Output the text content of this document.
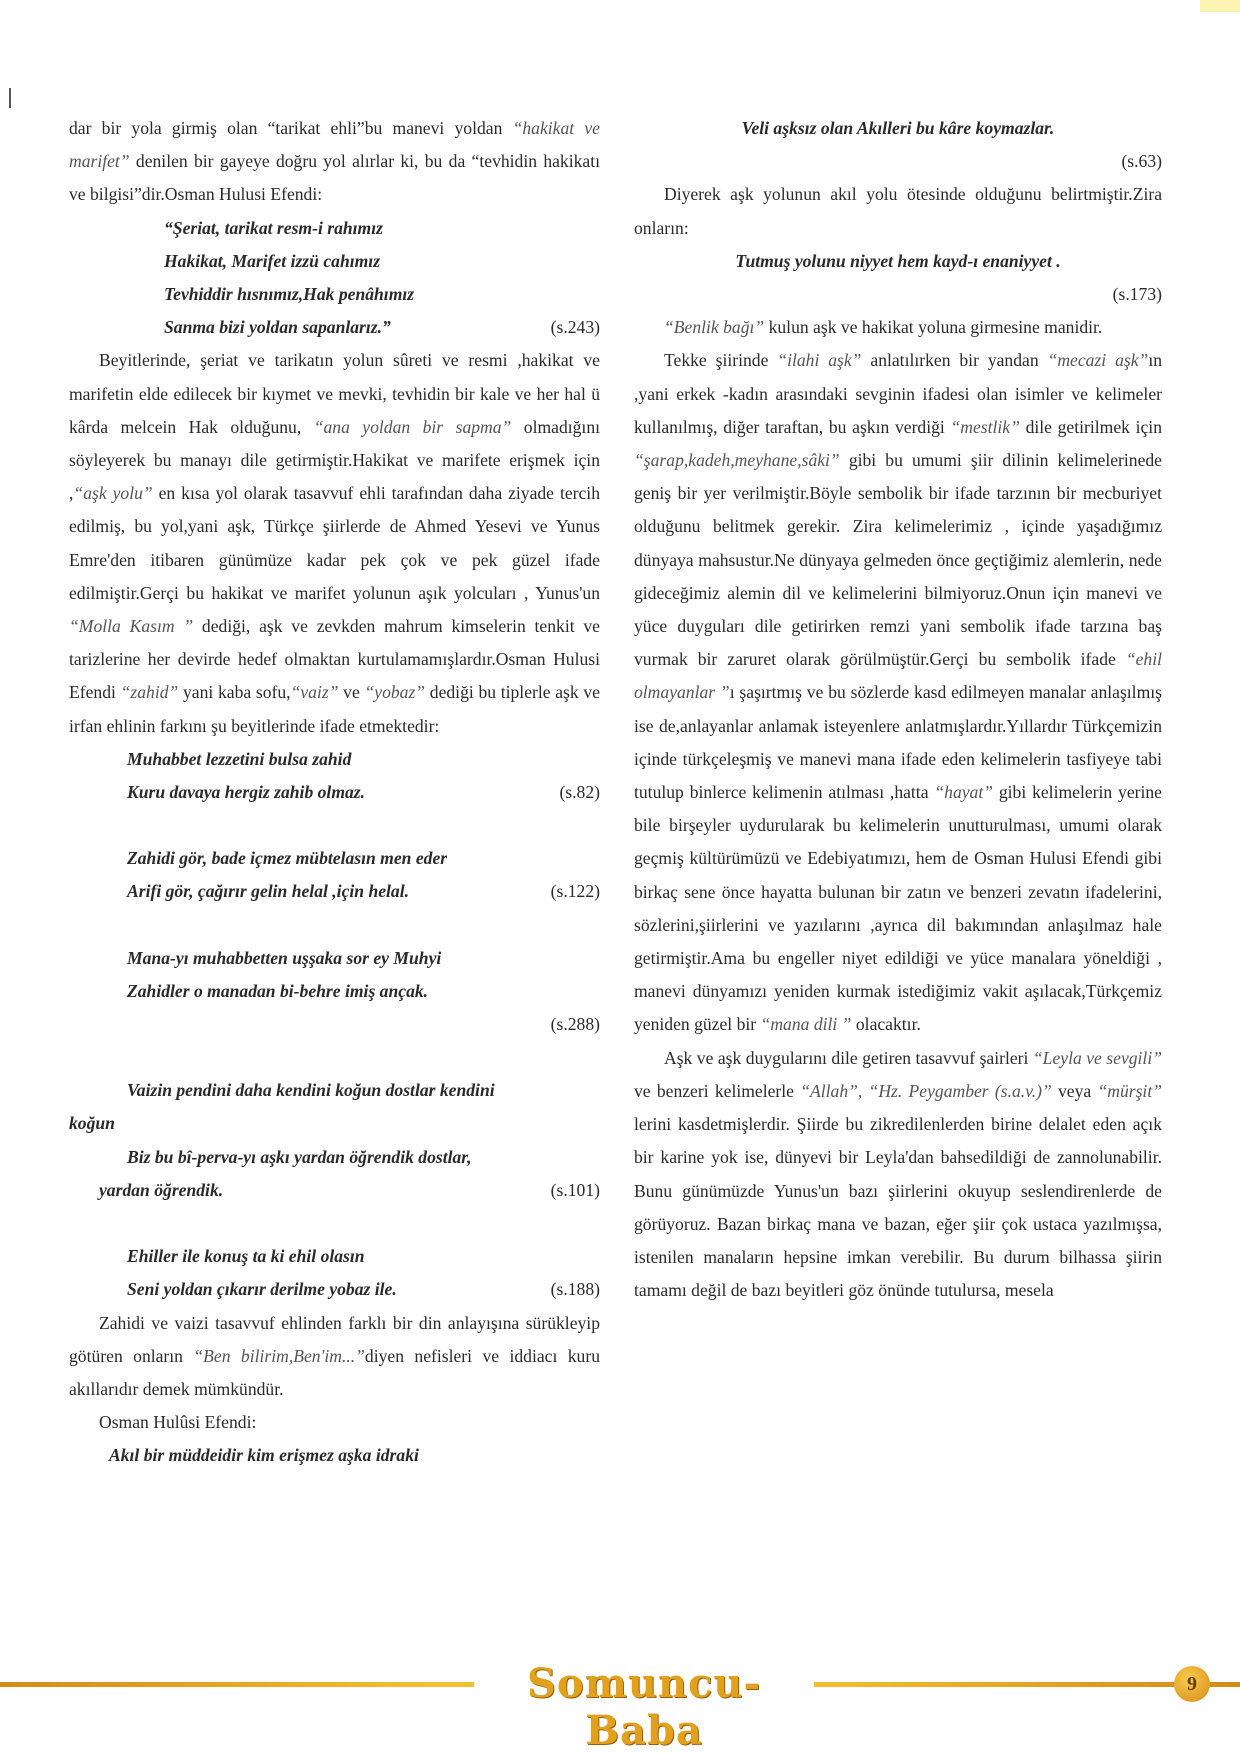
dar bir yola girmiş olan “tarikat ehli”bu manevi yoldan “hakikat ve marifet” denilen bir gayeye doğru yol alırlar ki, bu da “tevhidin hakikatı ve bilgisi”dir.Osman Hulusi Efendi:

“Şeriat, tarikat resm-i rahımız
Hakikat, Marifet izzü cahımız
Tevhiddir hısnımız,Hak penâhımız
Sanma bizi yoldan sapanlarız.”	(s.243)

Beyitlerinde, şeriat ve tarikatın yolun sûreti ve resmi ,hakikat ve marifetin elde edilecek bir kıymet ve mevki, tevhidin bir kale ve her hal ü kârda melcein Hak olduğunu, “ana yoldan bir sapma” olmadığını söyleyerek bu manayı dile getirmiştir.Hakikat ve marifete erişmek için ,“aşk yolu” en kısa yol olarak tasavvuf ehli tarafından daha ziyade tercih edilmiş, bu yol,yani aşk, Türkçe şiirlerde de Ahmed Yesevi ve Yunus Emre'den itibaren günümüze kadar pek çok ve pek güzel ifade edilmiştir.Gerçi bu hakikat ve marifet yolunun aşık yolcuları , Yunus'un “Molla Kasım ” dediği, aşk ve zevkden mahrum kimselerin tenkit ve tarizlerine her devirde hedef olmaktan kurtulamamışlardır.Osman Hulusi Efendi “zahid” yani kaba sofu,“vaiz” ve “yobaz” dediği bu tiplerle aşk ve irfan ehlinin farkını şu beyitlerinde ifade etmektedir:

Muhabbet lezzetini bulsa zahid
Kuru davaya hergiz zahib olmaz.	(s.82)
Zahidi gör, bade içmez mübtelasın men eder
Arifi gör, çağırır gelin helal ,için helal.	(s.122)
Mana-yı muhabbetten uşşaka sor ey Muhyi
Zahidler o manadan bi-behre imiş ançak.
(s.288)
Vaizin pendini daha kendini koğun dostlar kendini
koğun
Biz bu bî-perva-yı aşkı yardan öğrendik dostlar,
yardan öğrendik.	(s.101)
Ehiller ile konuş ta ki ehil olasın
Seni yoldan çıkarır derilme yobaz ile.	(s.188)

Zahidi ve vaizi tasavvuf ehlinden farklı bir din anlayışına sürükleyip götüren onların “Ben bilirim,Ben'im...”diyen nefisleri ve iddiacı kuru akıllarıdır demek mümkündür.

Osman Hulûsi Efendi:

Akıl bir müddeidir kim erişmez aşka idraki
Veli aşksız olan Akılleri bu kâre koymazlar.
(s.63)

Diyerek aşk yolunun akıl yolu ötesinde olduğunu belirtmiştir.Zira onların:

Tutmuş yolunu niyyet hem kayd-ı enaniyyet .
(s.173)

“Benlik bağı” kulun aşk ve hakikat yoluna girmesine manidir.

Tekke şiirinde “ilahi aşk” anlatılırken bir yandan “mecazi aşk”ın ,yani erkek -kadın arasındaki sevginin ifadesi olan isimler ve kelimeler kullanılmış, diğer taraftan, bu aşkın verdiği “mestlik” dile getirilmek için “şarap,kadeh,meyhane,sâki” gibi bu umumi şiir dilinin kelimelerinede geniş bir yer verilmiştir.Böyle sembolik bir ifade tarzının bir mecburiyet olduğunu belitmek gerekir. Zira kelimelerimiz , içinde yaşadığımız dünyaya mahsustur.Ne dünyaya gelmeden önce geçtiğimiz alemlerin, nede gideceğimiz alemin dil ve kelimelerini bilmiyoruz.Onun için manevi ve yüce duyguları dile getirirken remzi yani sembolik ifade tarzına baş vurmak bir zaruret olarak görülmüştür.Gerçi bu sembolik ifade “ehil olmayanlar ”ı şaşırtmış ve bu sözlerde kasd edilmeyen manalar anlaşılmış ise de,anlayanlar anlamak isteyenlere anlatmışlardır.Yıllardır Türkçemizin içinde türkçeleşmiş ve manevi mana ifade eden kelimelerin tasfiyeye tabi tutulup binlerce kelimenin atılması ,hatta “hayat” gibi kelimelerin yerine bile birşeyler uydurularak bu kelimelerin unutturulması, umumi olarak geçmiş kültürümüzü ve Edebiyatımızı, hem de Osman Hulusi Efendi gibi birkaç sene önce hayatta bulunan bir zatın ve benzeri zevatın ifadelerini, sözlerini,şiirlerini ve yazılarını ,ayrıca dil bakımından anlaşılmaz hale getirmiştir.Ama bu engeller niyet edildiği ve yüce manalara yöneldiği , manevi dünyamızı yeniden kurmak istediğimiz vakit aşılacak,Türkçemiz yeniden güzel bir “mana dili ” olacaktır.

Aşk ve aşk duygularını dile getiren tasavvuf şairleri “Leyla ve sevgili” ve benzeri kelimelerle “Allah”, “Hz. Peygamber (s.a.v.)” veya “mürşit” lerini kasdetmişlerdir. Şiirde bu zikredilenlerden birine delalet eden açık bir karine yok ise, dünyevi bir Leyla'dan bahsedildiği de zannolunabilir. Bunu günümüzde Yunus'un bazı şiirlerini okuyup seslendirenlerde de görüyoruz. Bazan birkaç mana ve bazan, eğer şiir çok ustaca yazılmışsa, istenilen manaların hepsine imkan verebilir. Bu durum bilhassa şiirin tamamı değil de bazı beyitleri göz önünde tutulursa, mesela

Somuncu-Baba
9
